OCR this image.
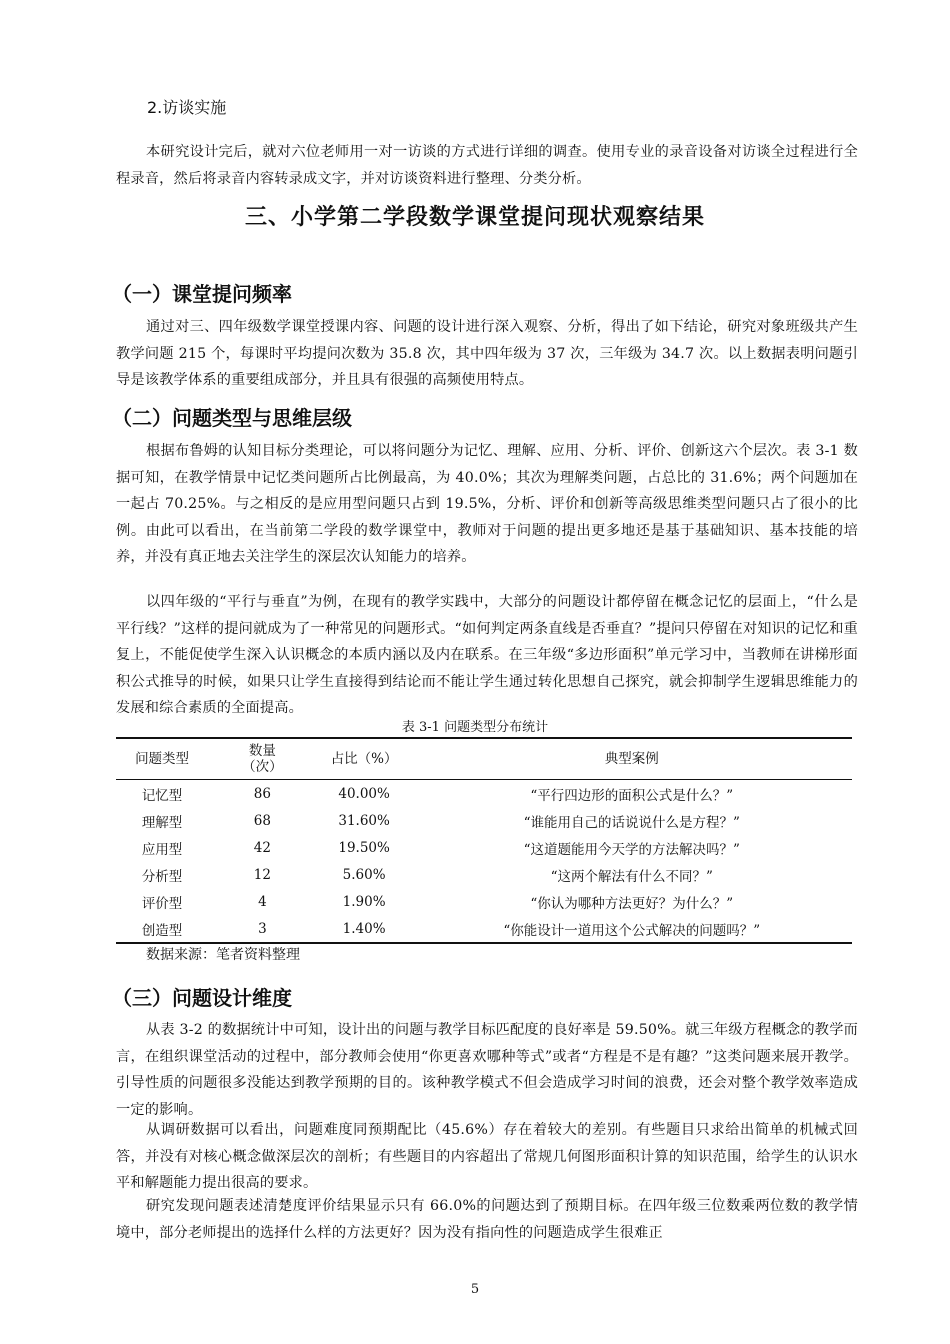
2.访谈实施
本研究设计完后，就对六位老师用一对一访谈的方式进行详细的调查。使用专业的录音设备对访谈全过程进行全程录音，然后将录音内容转录成文字，并对访谈资料进行整理、分类分析。
三、小学第二学段数学课堂提问现状观察结果
（一）课堂提问频率
通过对三、四年级数学课堂授课内容、问题的设计进行深入观察、分析，得出了如下结论，研究对象班级共产生教学问题 215 个，每课时平均提问次数为 35.8 次，其中四年级为 37 次，三年级为 34.7 次。以上数据表明问题引导是该教学体系的重要组成部分，并且具有很强的高频使用特点。
（二）问题类型与思维层级
根据布鲁姆的认知目标分类理论，可以将问题分为记忆、理解、应用、分析、评价、创新这六个层次。表 3-1 数据可知，在教学情景中记忆类问题所占比例最高，为 40.0%；其次为理解类问题，占总比的 31.6%；两个问题加在一起占 70.25%。与之相反的是应用型问题只占到 19.5%，分析、评价和创新等高级思维类型问题只占了很小的比例。由此可以看出，在当前第二学段的数学课堂中，教师对于问题的提出更多地还是基于基础知识、基本技能的培养，并没有真正地去关注学生的深层次认知能力的培养。
以四年级的“平行与垂直”为例，在现有的教学实践中，大部分的问题设计都停留在概念记忆的层面上，“什么是平行线？”这样的提问就成为了一种常见的问题形式。“如何判定两条直线是否垂直？”提问只停留在对知识的记忆和重复上，不能促使学生深入认识概念的本质内涵以及内在联系。在三年级“多边形面积”单元学习中，当教师在讲梯形面积公式推导的时候，如果只让学生直接得到结论而不能让学生通过转化思想自己探究，就会抑制学生逻辑思维能力的发展和综合素质的全面提高。
表 3-1 问题类型分布统计
问题类型	数量（次）	占比（%）	典型案例
记忆型	86	40.00%	“平行四边形的面积公式是什么？”
理解型	68	31.60%	“谁能用自己的话说说什么是方程？”
应用型	42	19.50%	“这道题能用今天学的方法解决吗？”
分析型	12	5.60%	“这两个解法有什么不同？”
评价型	4	1.90%	“你认为哪种方法更好？为什么？”
创造型	3	1.40%	“你能设计一道用这个公式解决的问题吗？”
数据来源：笔者资料整理
（三）问题设计维度
从表 3-2 的数据统计中可知，设计出的问题与教学目标匹配度的良好率是 59.50%。就三年级方程概念的教学而言，在组织课堂活动的过程中，部分教师会使用“你更喜欢哪种等式”或者“方程是不是有趣？”这类问题来展开教学。引导性质的问题很多没能达到教学预期的目的。该种教学模式不但会造成学习时间的浪费，还会对整个教学效率造成一定的影响。
从调研数据可以看出，问题难度同预期配比（45.6%）存在着较大的差别。有些题目只求给出简单的机械式回答，并没有对核心概念做深层次的剖析；有些题目的内容超出了常规几何图形面积计算的知识范围，给学生的认识水平和解题能力提出很高的要求。
研究发现问题表述清楚度评价结果显示只有 66.0%的问题达到了预期目标。在四年级三位数乘两位数的教学情境中，部分老师提出的选择什么样的方法更好？因为没有指向性的问题造成学生很难正
5
